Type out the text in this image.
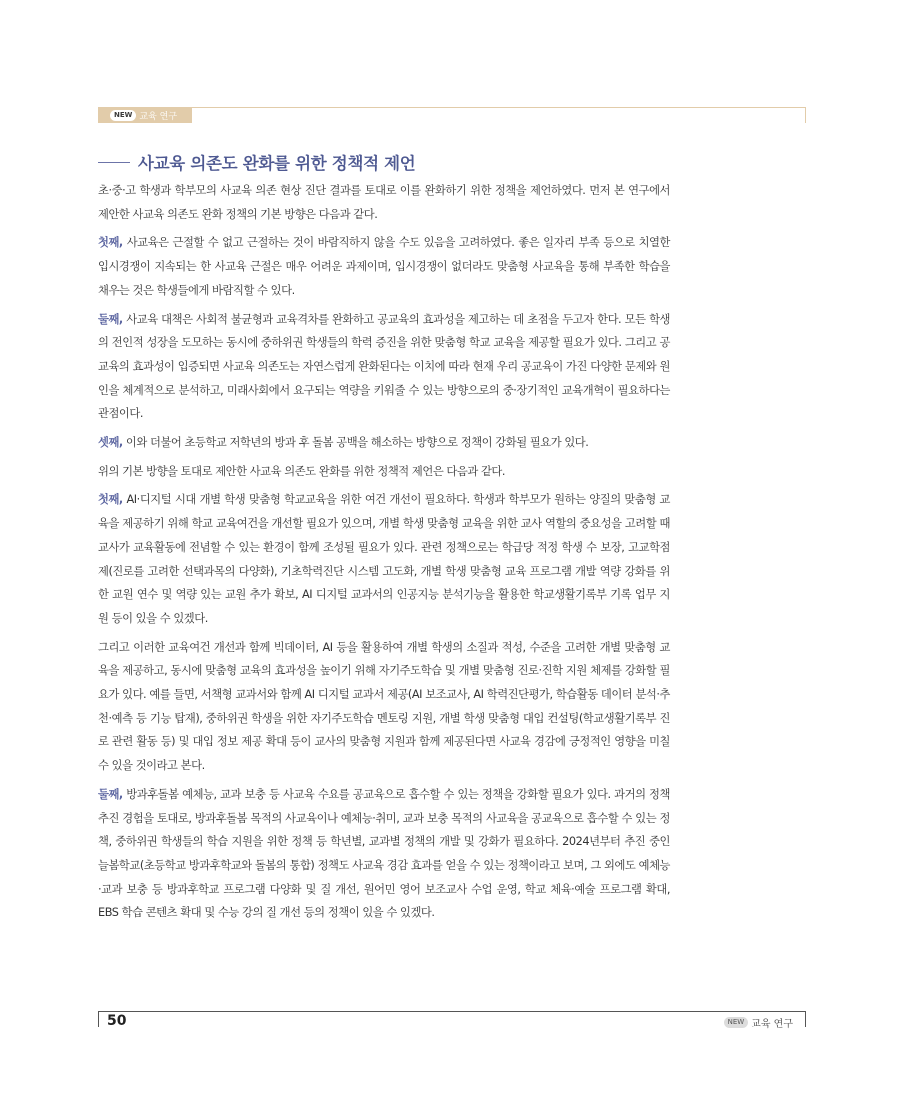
NEW 교육 연구
사교육 의존도 완화를 위한 정책적 제언

초·중·고 학생과 학부모의 사교육 의존 현상 진단 결과를 토대로 이를 완화하기 위한 정책을 제언하였다. 먼저 본 연구에서 제안한 사교육 의존도 완화 정책의 기본 방향은 다음과 같다.

첫째, 사교육은 근절할 수 없고 근절하는 것이 바람직하지 않을 수도 있음을 고려하였다. 좋은 일자리 부족 등으로 치열한 입시경쟁이 지속되는 한 사교육 근절은 매우 어려운 과제이며, 입시경쟁이 없더라도 맞춤형 사교육을 통해 부족한 학습을 채우는 것은 학생들에게 바람직할 수 있다.

둘째, 사교육 대책은 사회적 불균형과 교육격차를 완화하고 공교육의 효과성을 제고하는 데 초점을 두고자 한다. 모든 학생의 전인적 성장을 도모하는 동시에 중하위권 학생들의 학력 증진을 위한 맞춤형 학교 교육을 제공할 필요가 있다. 그리고 공교육의 효과성이 입증되면 사교육 의존도는 자연스럽게 완화된다는 이치에 따라 현재 우리 공교육이 가진 다양한 문제와 원인을 체계적으로 분석하고, 미래사회에서 요구되는 역량을 키워줄 수 있는 방향으로의 중·장기적인 교육개혁이 필요하다는 관점이다.

셋째, 이와 더불어 초등학교 저학년의 방과 후 돌봄 공백을 해소하는 방향으로 정책이 강화될 필요가 있다.

위의 기본 방향을 토대로 제안한 사교육 의존도 완화를 위한 정책적 제언은 다음과 같다.

첫째, AI·디지털 시대 개별 학생 맞춤형 학교교육을 위한 여건 개선이 필요하다. 학생과 학부모가 원하는 양질의 맞춤형 교육을 제공하기 위해 학교 교육여건을 개선할 필요가 있으며, 개별 학생 맞춤형 교육을 위한 교사 역할의 중요성을 고려할 때 교사가 교육활동에 전념할 수 있는 환경이 함께 조성될 필요가 있다. 관련 정책으로는 학급당 적정 학생 수 보장, 고교학점제(진로를 고려한 선택과목의 다양화), 기초학력진단 시스템 고도화, 개별 학생 맞춤형 교육 프로그램 개발 역량 강화를 위한 교원 연수 및 역량 있는 교원 추가 확보, AI 디지털 교과서의 인공지능 분석기능을 활용한 학교생활기록부 기록 업무 지원 등이 있을 수 있겠다.

그리고 이러한 교육여건 개선과 함께 빅데이터, AI 등을 활용하여 개별 학생의 소질과 적성, 수준을 고려한 개별 맞춤형 교육을 제공하고, 동시에 맞춤형 교육의 효과성을 높이기 위해 자기주도학습 및 개별 맞춤형 진로·진학 지원 체제를 강화할 필요가 있다. 예를 들면, 서책형 교과서와 함께 AI 디지털 교과서 제공(AI 보조교사, AI 학력진단평가, 학습활동 데이터 분석·추천·예측 등 기능 탑재), 중하위권 학생을 위한 자기주도학습 멘토링 지원, 개별 학생 맞춤형 대입 컨설팅(학교생활기록부 진로 관련 활동 등) 및 대입 정보 제공 확대 등이 교사의 맞춤형 지원과 함께 제공된다면 사교육 경감에 긍정적인 영향을 미칠 수 있을 것이라고 본다.

둘째, 방과후돌봄 예체능, 교과 보충 등 사교육 수요를 공교육으로 흡수할 수 있는 정책을 강화할 필요가 있다. 과거의 정책 추진 경험을 토대로, 방과후돌봄 목적의 사교육이나 예체능·취미, 교과 보충 목적의 사교육을 공교육으로 흡수할 수 있는 정책, 중하위권 학생들의 학습 지원을 위한 정책 등 학년별, 교과별 정책의 개발 및 강화가 필요하다. 2024년부터 추진 중인 늘봄학교(초등학교 방과후학교와 돌봄의 통합) 정책도 사교육 경감 효과를 얻을 수 있는 정책이라고 보며, 그 외에도 예체능·교과 보충 등 방과후학교 프로그램 다양화 및 질 개선, 원어민 영어 보조교사 수업 운영, 학교 체육·예술 프로그램 확대, EBS 학습 콘텐츠 확대 및 수능 강의 질 개선 등의 정책이 있을 수 있겠다.

50	NEW 교육 연구
